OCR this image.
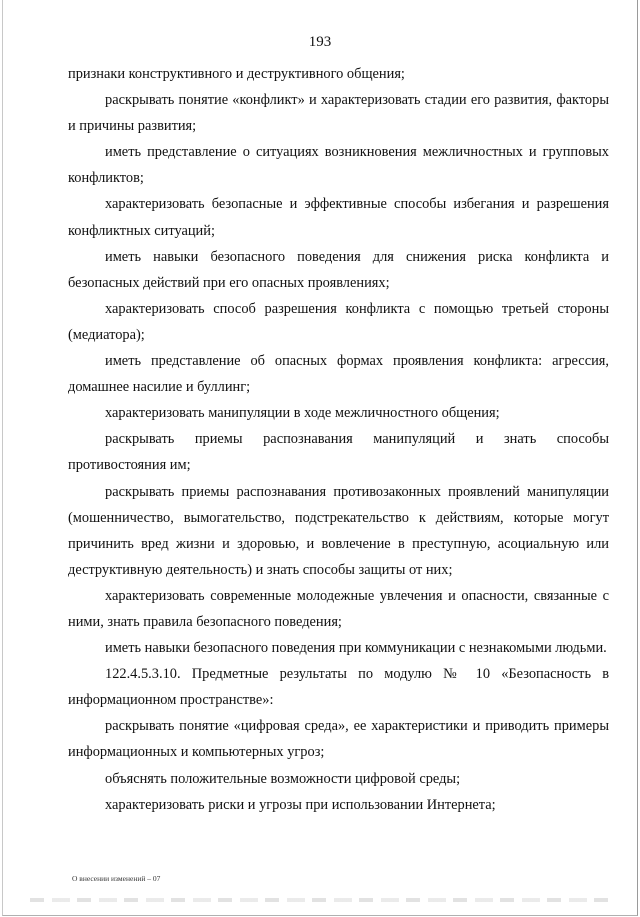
193

признаки конструктивного и деструктивного общения;

раскрывать понятие «конфликт» и характеризовать стадии его развития, факторы и причины развития;

иметь представление о ситуациях возникновения межличностных и групповых конфликтов;

характеризовать безопасные и эффективные способы избегания и разрешения конфликтных ситуаций;

иметь навыки безопасного поведения для снижения риска конфликта и безопасных действий при его опасных проявлениях;

характеризовать способ разрешения конфликта с помощью третьей стороны (медиатора);

иметь представление об опасных формах проявления конфликта: агрессия, домашнее насилие и буллинг;

характеризовать манипуляции в ходе межличностного общения;

раскрывать приемы распознавания манипуляций и знать способы противостояния им;

раскрывать приемы распознавания противозаконных проявлений манипуляции (мошенничество, вымогательство, подстрекательство к действиям, которые могут причинить вред жизни и здоровью, и вовлечение в преступную, асоциальную или деструктивную деятельность) и знать способы защиты от них;

характеризовать современные молодежные увлечения и опасности, связанные с ними, знать правила безопасного поведения;

иметь навыки безопасного поведения при коммуникации с незнакомыми людьми.

122.4.5.3.10. Предметные результаты по модулю № 10 «Безопасность в информационном пространстве»:

раскрывать понятие «цифровая среда», ее характеристики и приводить примеры информационных и компьютерных угроз;

объяснять положительные возможности цифровой среды;

характеризовать риски и угрозы при использовании Интернета;

О внесении изменений – 07
